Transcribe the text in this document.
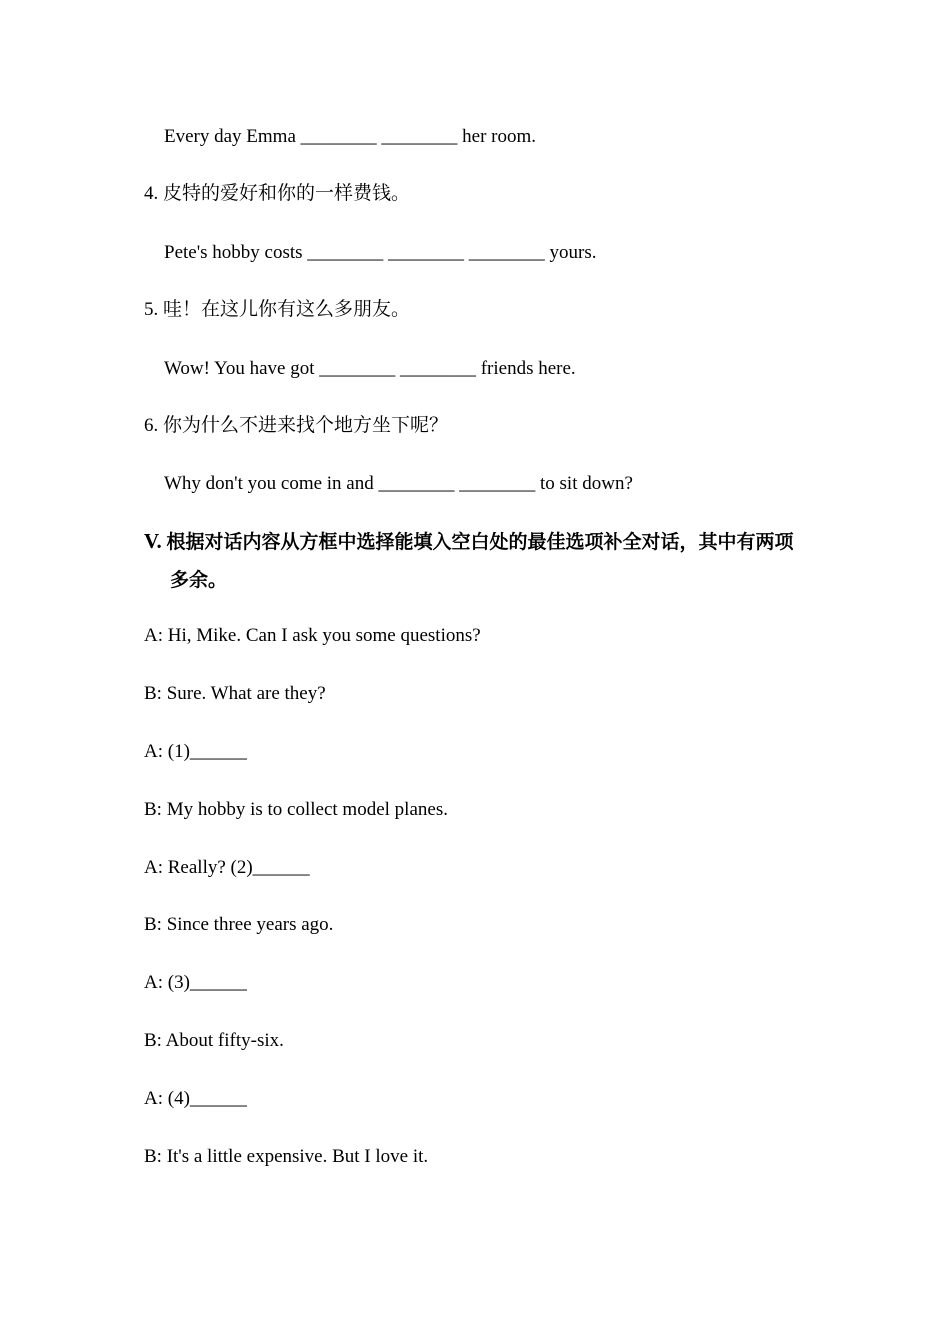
Every day Emma ________ ________ her room.
4. 皮特的爱好和你的一样费钱。
Pete's hobby costs ________ ________ ________ yours.
5. 哇！在这儿你有这么多朋友。
Wow! You have got ________ ________ friends here.
6. 你为什么不进来找个地方坐下呢？
Why don't you come in and ________ ________ to sit down?
V. 根据对话内容从方框中选择能填入空白处的最佳选项补全对话，其中有两项
多余。
A: Hi, Mike. Can I ask you some questions?
B: Sure. What are they?
A: (1)______
B: My hobby is to collect model planes.
A: Really? (2)______
B: Since three years ago.
A: (3)______
B: About fifty-six.
A: (4)______
B: It's a little expensive. But I love it.
